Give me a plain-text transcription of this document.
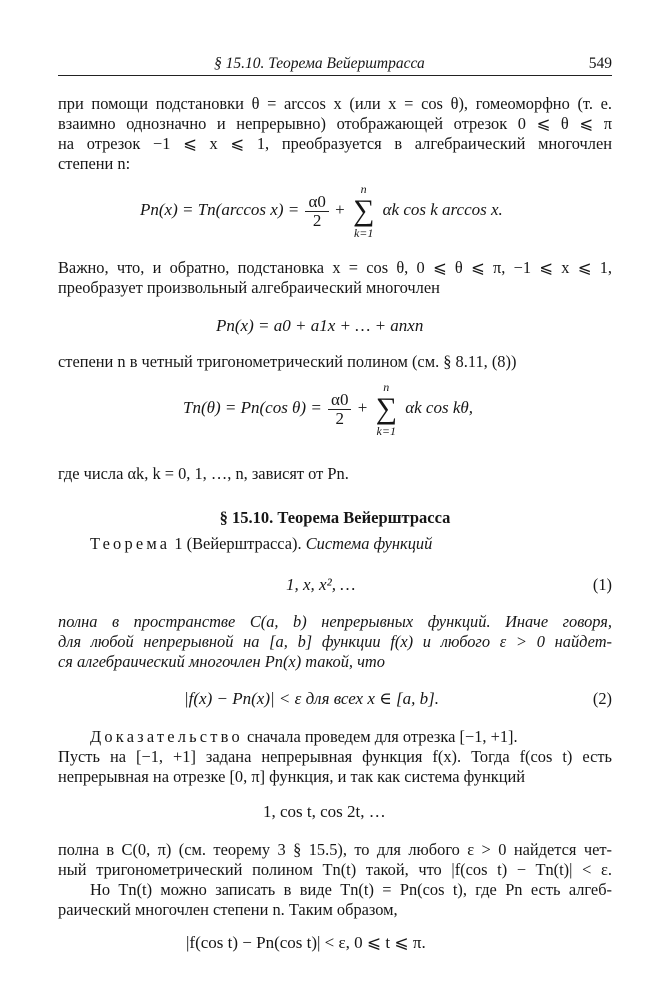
§ 15.10. Теорема Вейерштрасса	549
при помощи подстановки θ = arccos x (или x = cos θ), гомеоморфно (т. е.
взаимно однозначно и непрерывно) отображающей отрезок 0 ⩽ θ ⩽ π
на отрезок −1 ⩽ x ⩽ 1, преобразуется в алгебраический многочлен
степени n:
Pn(x) = Tn(arccos $x) = \frac{\alpha 0}{2}$ +
n
∑
k=1
αk cos k arccos x.
Важно, что, и обратно, подстановка x = cos θ, 0 ⩽ θ ⩽ π, −1 ⩽ x ⩽ 1,
преобразует произвольный алгебраический многочлен
Pn(x) = a0 + a1x + … + anxn
степени n в четный тригонометрический полином (см. § 8.11, (8))
Tn(θ) = Pn(cos $\theta) = \frac{\alpha 0}{2}$ +
n
∑
k=1
αk cos kθ,
где числа αk, k = 0, 1, …, n, зависят от Pn.
§ 15.10. Теорема Вейерштрасса
Теорема 1 (Вейерштрасса). Система функций
1, x, x², …	(1)
полна в пространстве C(a, b) непрерывных функций. Иначе говоря,
для любой непрерывной на [a, b] функции f(x) и любого ε > 0 найдет-
ся алгебраический многочлен Pn(x) такой, что
|f(x) − Pn(x)| < ε для всех x ∈ [a, b].	(2)
Доказательство сначала проведем для отрезка [−1, +1].
Пусть на [−1, +1] задана непрерывная функция f(x). Тогда f(cos t) есть
непрерывная на отрезке [0, π] функция, и так как система функций
1, cos t, cos 2t, …
полна в C(0, π) (см. теорему 3 § 15.5), то для любого ε > 0 найдется чет-
ный тригонометрический полином Tn(t) такой, что |f(cos t) − Tn(t)| < ε.
Но Tn(t) можно записать в виде Tn(t) = Pn(cos t), где Pn есть алгеб-
раический многочлен степени n. Таким образом,
|f(cos t) − Pn(cos t)| < ε, 0 ⩽ t ⩽ π.
